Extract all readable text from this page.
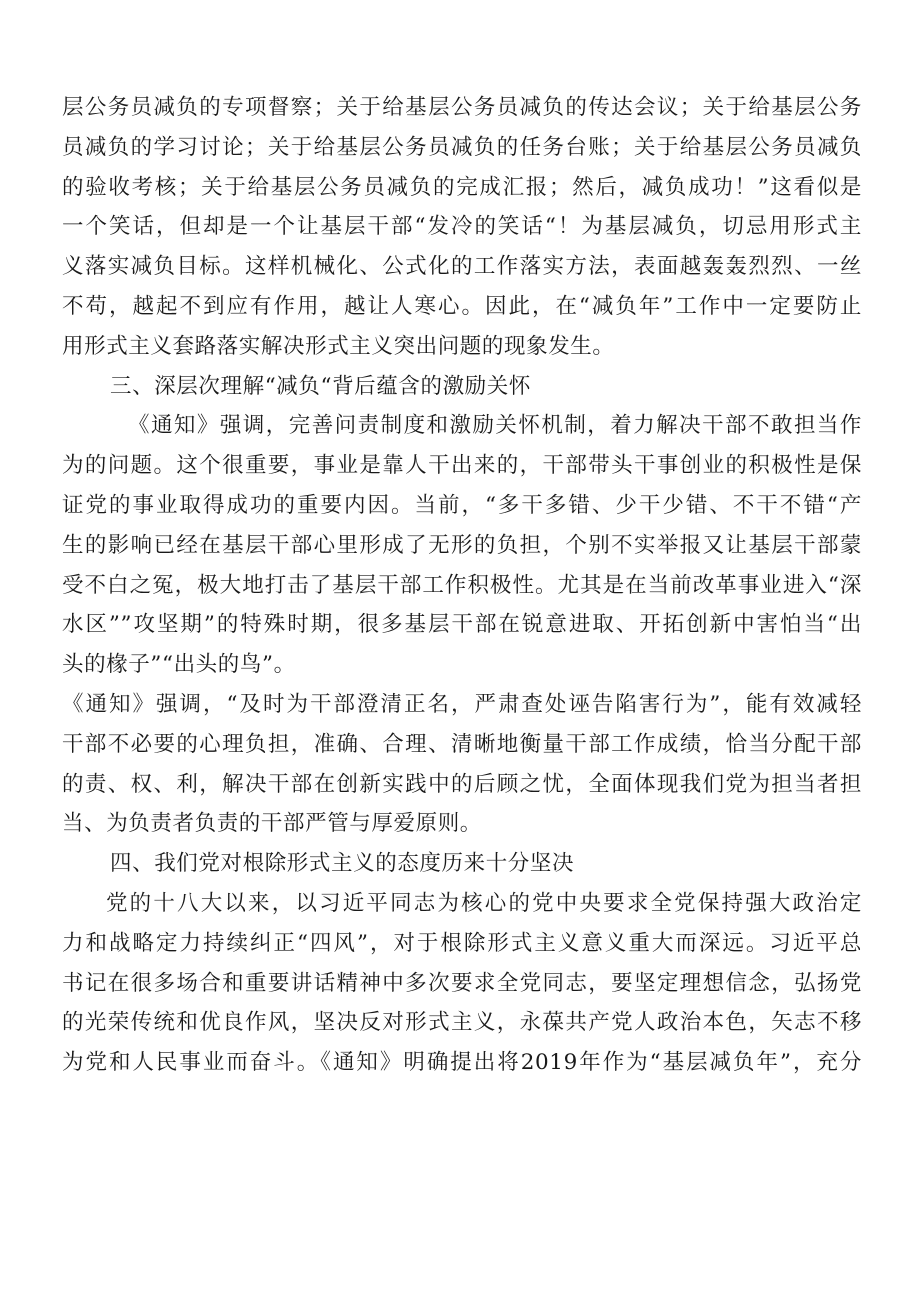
层公务员减负的专项督察；关于给基层公务员减负的传达会议；关于给基层公务
员减负的学习讨论；关于给基层公务员减负的任务台账；关于给基层公务员减负
的验收考核；关于给基层公务员减负的完成汇报；然后，减负成功！”这看似是
一个笑话，但却是一个让基层干部“发冷的笑话“！为基层减负，切忌用形式主
义落实减负目标。这样机械化、公式化的工作落实方法，表面越轰轰烈烈、一丝
不苟，越起不到应有作用，越让人寒心。因此，在“减负年”工作中一定要防止
用形式主义套路落实解决形式主义突出问题的现象发生。
三、深层次理解“减负“背后蕴含的激励关怀
《通知》强调，完善问责制度和激励关怀机制，着力解决干部不敢担当作
为的问题。这个很重要，事业是靠人干出来的，干部带头干事创业的积极性是保
证党的事业取得成功的重要内因。当前，“多干多错、少干少错、不干不错“产
生的影响已经在基层干部心里形成了无形的负担，个别不实举报又让基层干部蒙
受不白之冤，极大地打击了基层干部工作积极性。尤其是在当前改革事业进入“深
水区””攻坚期”的特殊时期，很多基层干部在锐意进取、开拓创新中害怕当“出
头的椽子”“出头的鸟”。
《通知》强调，“及时为干部澄清正名，严肃查处诬告陷害行为”，能有效减轻
干部不必要的心理负担，准确、合理、清晰地衡量干部工作成绩，恰当分配干部
的责、权、利，解决干部在创新实践中的后顾之忧，全面体现我们党为担当者担
当、为负责者负责的干部严管与厚爱原则。
四、我们党对根除形式主义的态度历来十分坚决
党的十八大以来，以习近平同志为核心的党中央要求全党保持强大政治定
力和战略定力持续纠正“四风”，对于根除形式主义意义重大而深远。习近平总
书记在很多场合和重要讲话精神中多次要求全党同志，要坚定理想信念，弘扬党
的光荣传统和优良作风，坚决反对形式主义，永葆共产党人政治本色，矢志不移
为党和人民事业而奋斗。《通知》明确提出将2019年作为“基层减负年”，充分
